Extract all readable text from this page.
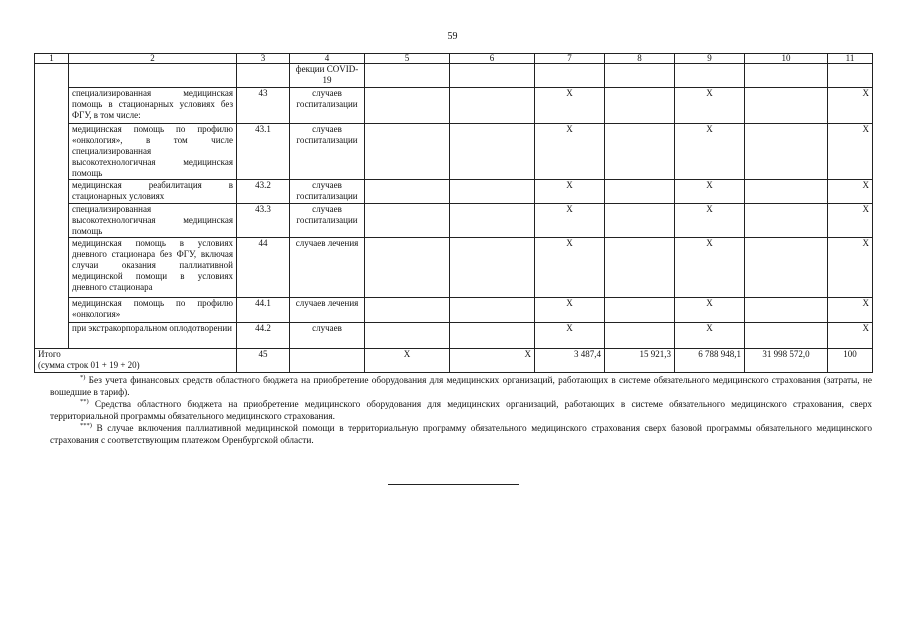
59
1	2	3	4	5	6	7	8	9	10	11
			фекции COVID-19							
	специализированная медицинская помощь в стационарных условиях без ФГУ, в том числе:	43	случаев госпитализации			X		X		X
	медицинская помощь по профилю «онкология», в том числе специализированная высокотехнологичная медицинская помощь	43.1	случаев госпитализации			X		X		X
	медицинская реабилитация в стационарных условиях	43.2	случаев госпитализации			X		X		X
	специализированная высокотехнологичная медицинская помощь	43.3	случаев госпитализации			X		X		X
	медицинская помощь в условиях дневного стационара без ФГУ, включая случаи оказания паллиативной медицинской помощи в условиях дневного стационара	44	случаев лечения			X		X		X
	медицинская помощь по профилю «онкология»	44.1	случаев лечения			X		X		X
	при экстракорпоральном оплодотворении	44.2	случаев			X		X		X

Итого
(сумма строк 01 + 19 + 20)		45		X	X	3 487,4	15 921,3	6 788 948,1	31 998 572,0	100

*) Без учета финансовых средств областного бюджета на приобретение оборудования для медицинских организаций, работающих в системе обязательного медицинского страхования (затраты, не вошедшие в тариф).

**) Средства областного бюджета на приобретение медицинского оборудования для медицинских организаций, работающих в системе обязательного медицинского страхования, сверх территориальной программы обязательного медицинского страхования.

***) В случае включения паллиативной медицинской помощи в территориальную программу обязательного медицинского страхования сверх базовой программы обязательного медицинского страхования с соответствующим платежом Оренбургской области.
